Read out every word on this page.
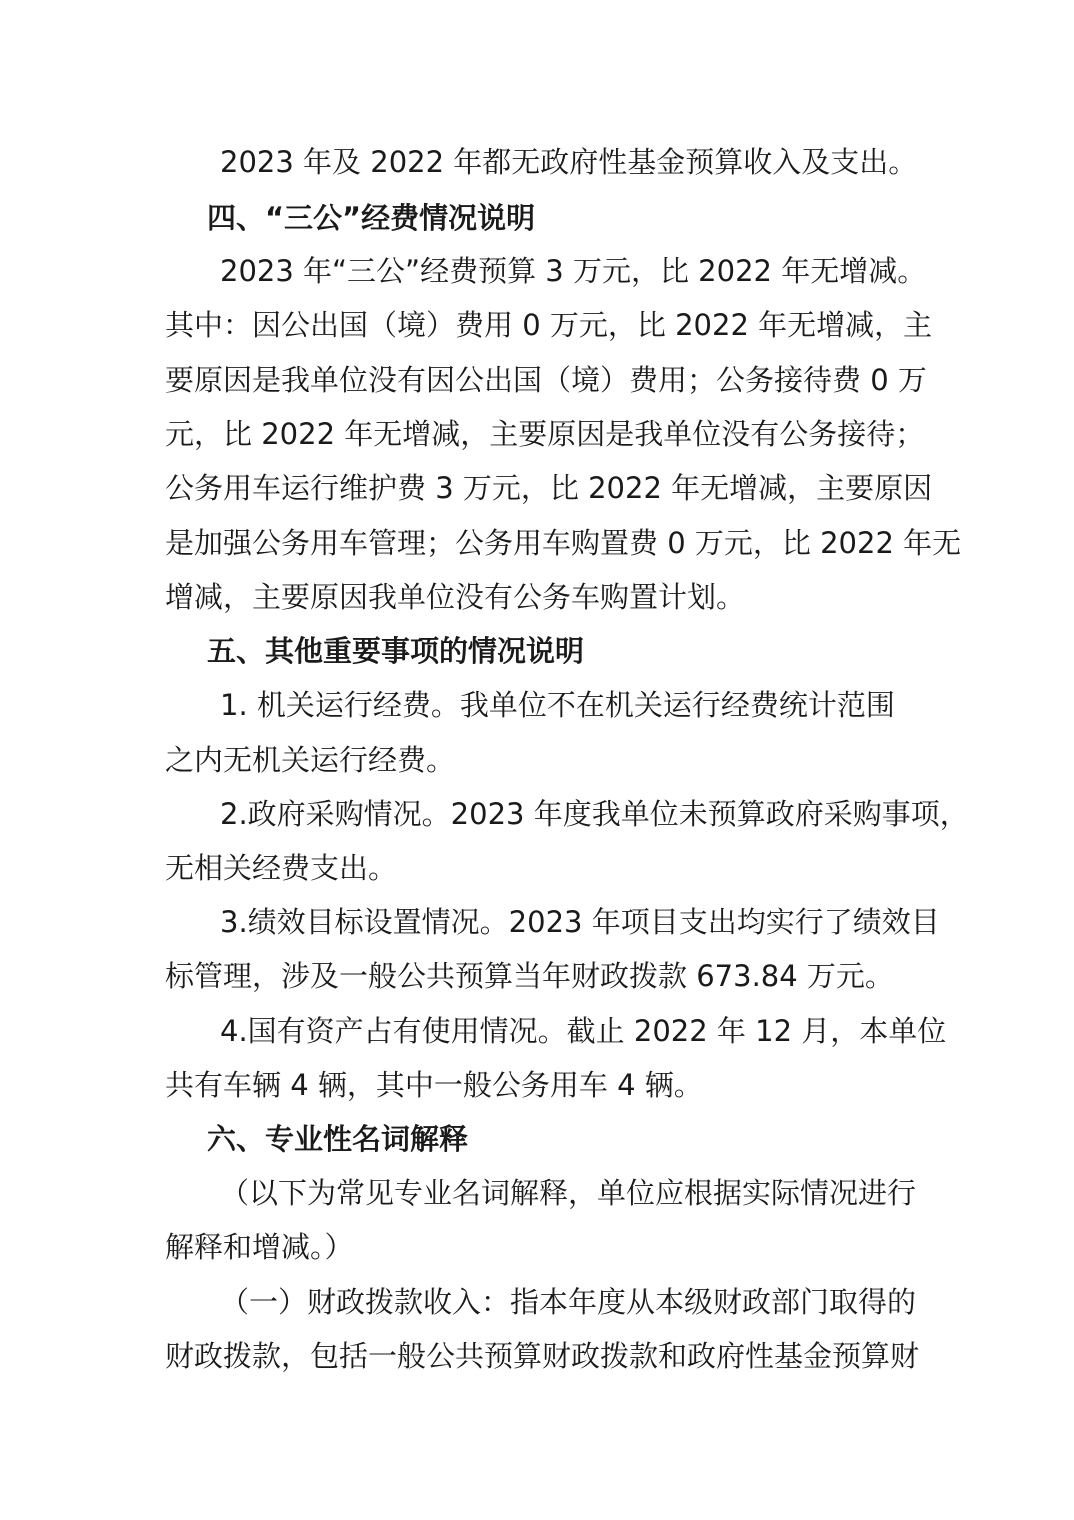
2023 年及 2022 年都无政府性基金预算收入及支出。
四、“三公”经费情况说明
2023 年“三公”经费预算 3 万元，比 2022 年无增减。
其中：因公出国（境）费用 0 万元，比 2022 年无增减，主
要原因是我单位没有因公出国（境）费用；公务接待费 0 万
元，比 2022 年无增减，主要原因是我单位没有公务接待；
公务用车运行维护费 3 万元，比 2022 年无增减，主要原因
是加强公务用车管理；公务用车购置费 0 万元，比 2022 年无
增减，主要原因我单位没有公务车购置计划。
五、其他重要事项的情况说明
1. 机关运行经费。我单位不在机关运行经费统计范围
之内无机关运行经费。
2.政府采购情况。2023 年度我单位未预算政府采购事项，
无相关经费支出。
3.绩效目标设置情况。2023 年项目支出均实行了绩效目
标管理，涉及一般公共预算当年财政拨款 673.84 万元。
4.国有资产占有使用情况。截止 2022 年 12 月，本单位
共有车辆 4 辆，其中一般公务用车 4 辆。
六、专业性名词解释
（以下为常见专业名词解释，单位应根据实际情况进行
解释和增减。）
（一）财政拨款收入：指本年度从本级财政部门取得的
财政拨款，包括一般公共预算财政拨款和政府性基金预算财
